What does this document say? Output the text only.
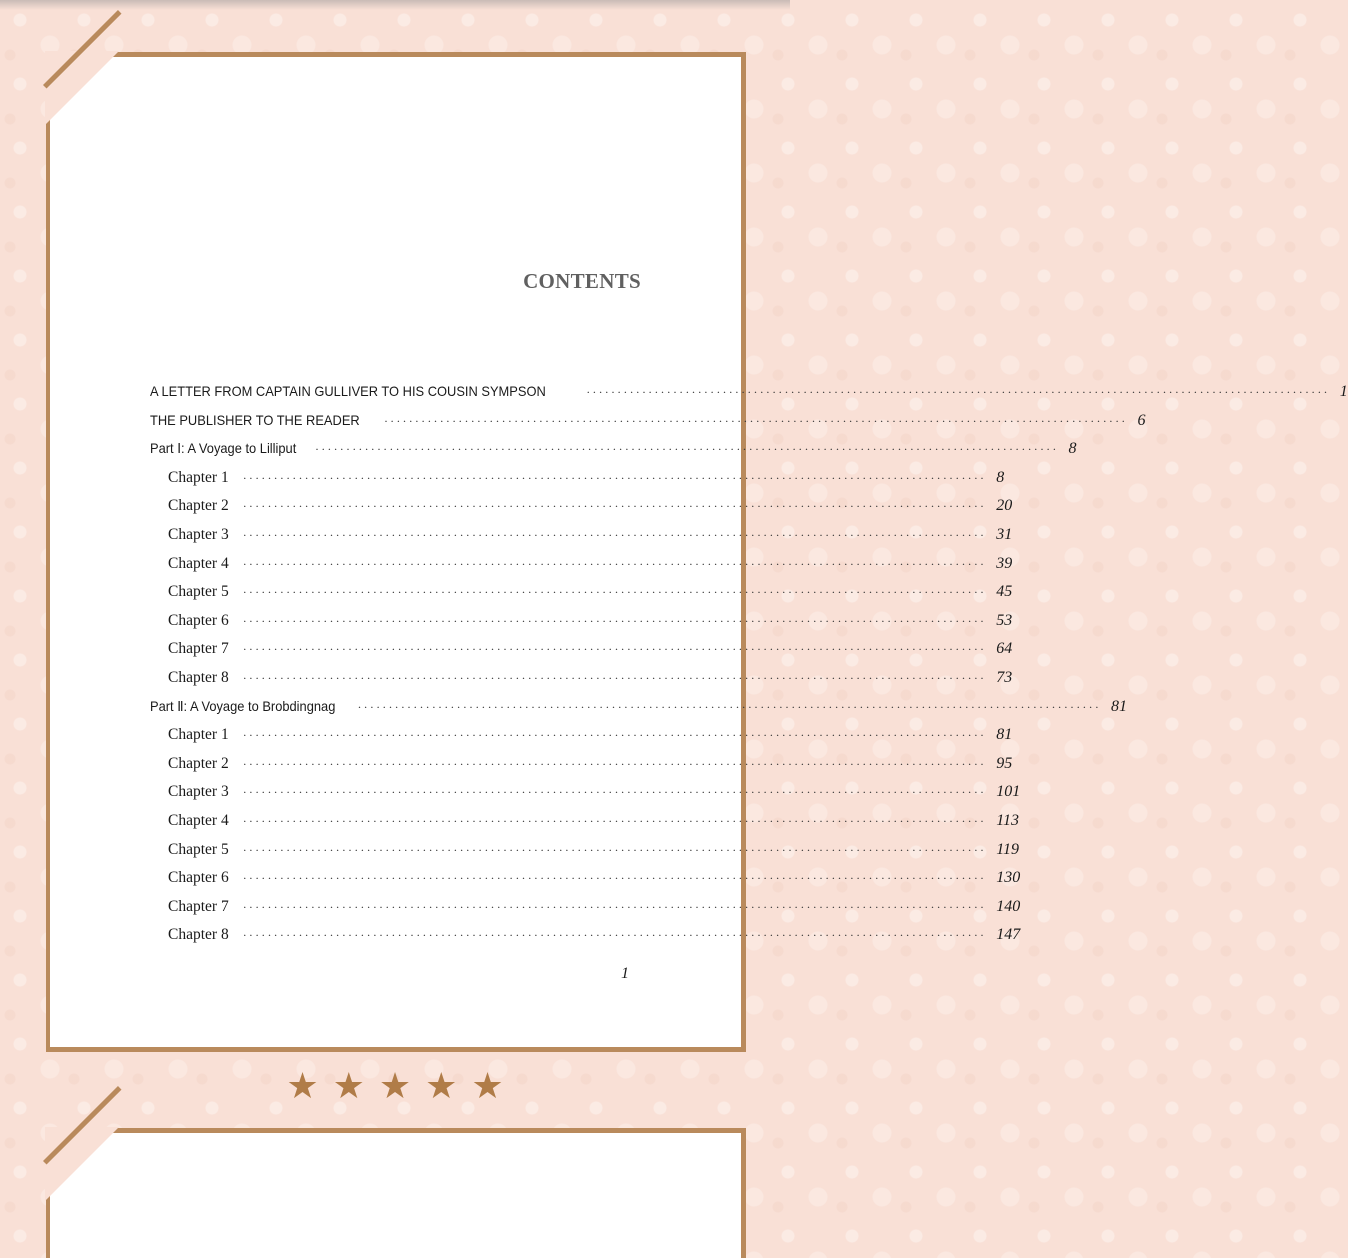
CONTENTS
A LETTER FROM CAPTAIN GULLIVER TO HIS COUSIN SYMPSON	························································································································ 1
THE PUBLISHER TO THE READER ························································································································ 6
Part Ⅰ: A Voyage to Lilliput ························································································································ 8
Chapter 1 ························································································································ 8
Chapter 2 ························································································································ 20
Chapter 3 ························································································································ 31
Chapter 4 ························································································································ 39
Chapter 5 ························································································································ 45
Chapter 6 ························································································································ 53
Chapter 7 ························································································································ 64
Chapter 8 ························································································································ 73
Part Ⅱ: A Voyage to Brobdingnag ························································································································ 81
Chapter 1 ························································································································ 81
Chapter 2 ························································································································ 95
Chapter 3 ························································································································ 101
Chapter 4 ························································································································ 113
Chapter 5 ························································································································ 119
Chapter 6 ························································································································ 130
Chapter 7 ························································································································ 140
Chapter 8 ························································································································ 147
1
★★★★★
